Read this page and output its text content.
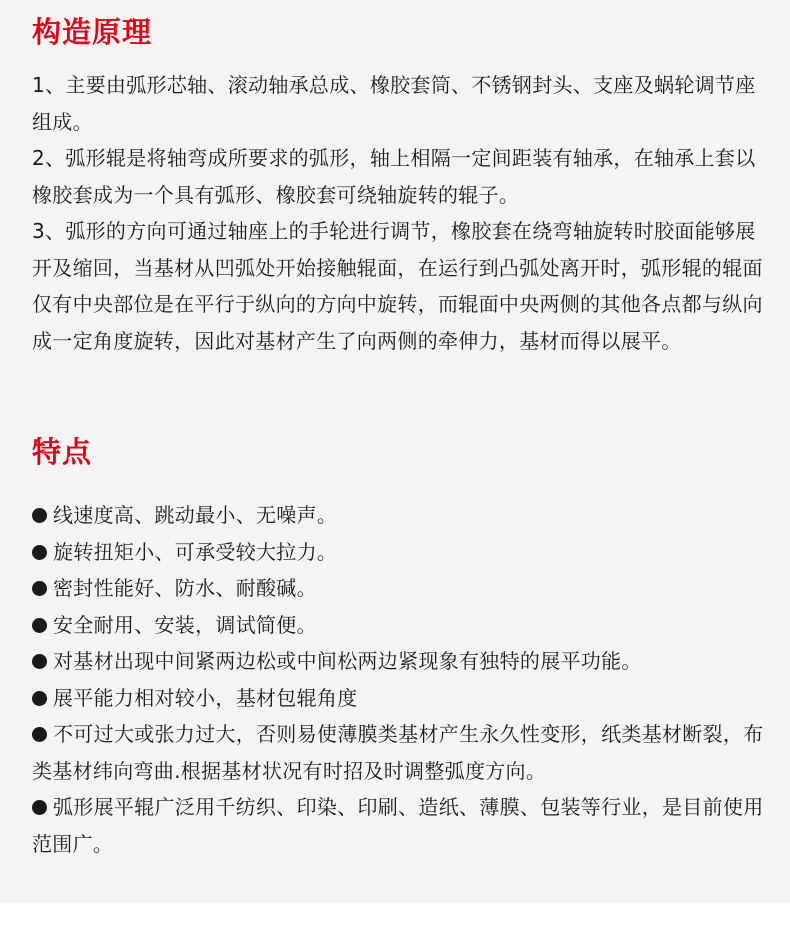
构造原理

1、主要由弧形芯轴、滚动轴承总成、橡胶套筒、不锈钢封头、支座及蜗轮调节座组成。

2、弧形辊是将轴弯成所要求的弧形，轴上相隔一定间距装有轴承，在轴承上套以橡胶套成为一个具有弧形、橡胶套可绕轴旋转的辊子。

3、弧形的方向可通过轴座上的手轮进行调节，橡胶套在绕弯轴旋转时胶面能够展开及缩回，当基材从凹弧处开始接触辊面，在运行到凸弧处离开时，弧形辊的辊面仅有中央部位是在平行于纵向的方向中旋转，而辊面中央两侧的其他各点都与纵向成一定角度旋转，因此对基材产生了向两侧的牵伸力，基材而得以展平。

特点

线速度高、跳动最小、无噪声。

旋转扭矩小、可承受较大拉力。

密封性能好、防水、耐酸碱。

安全耐用、安装，调试简便。

对基材出现中间紧两边松或中间松两边紧现象有独特的展平功能。

展平能力相对较小，基材包辊角度

不可过大或张力过大，否则易使薄膜类基材产生永久性变形，纸类基材断裂，布类基材纬向弯曲.根据基材状况有时招及时调整弧度方向。

弧形展平辊广泛用千纺织、印染、印刷、造纸、薄膜、包装等行业，是目前使用范围广。
